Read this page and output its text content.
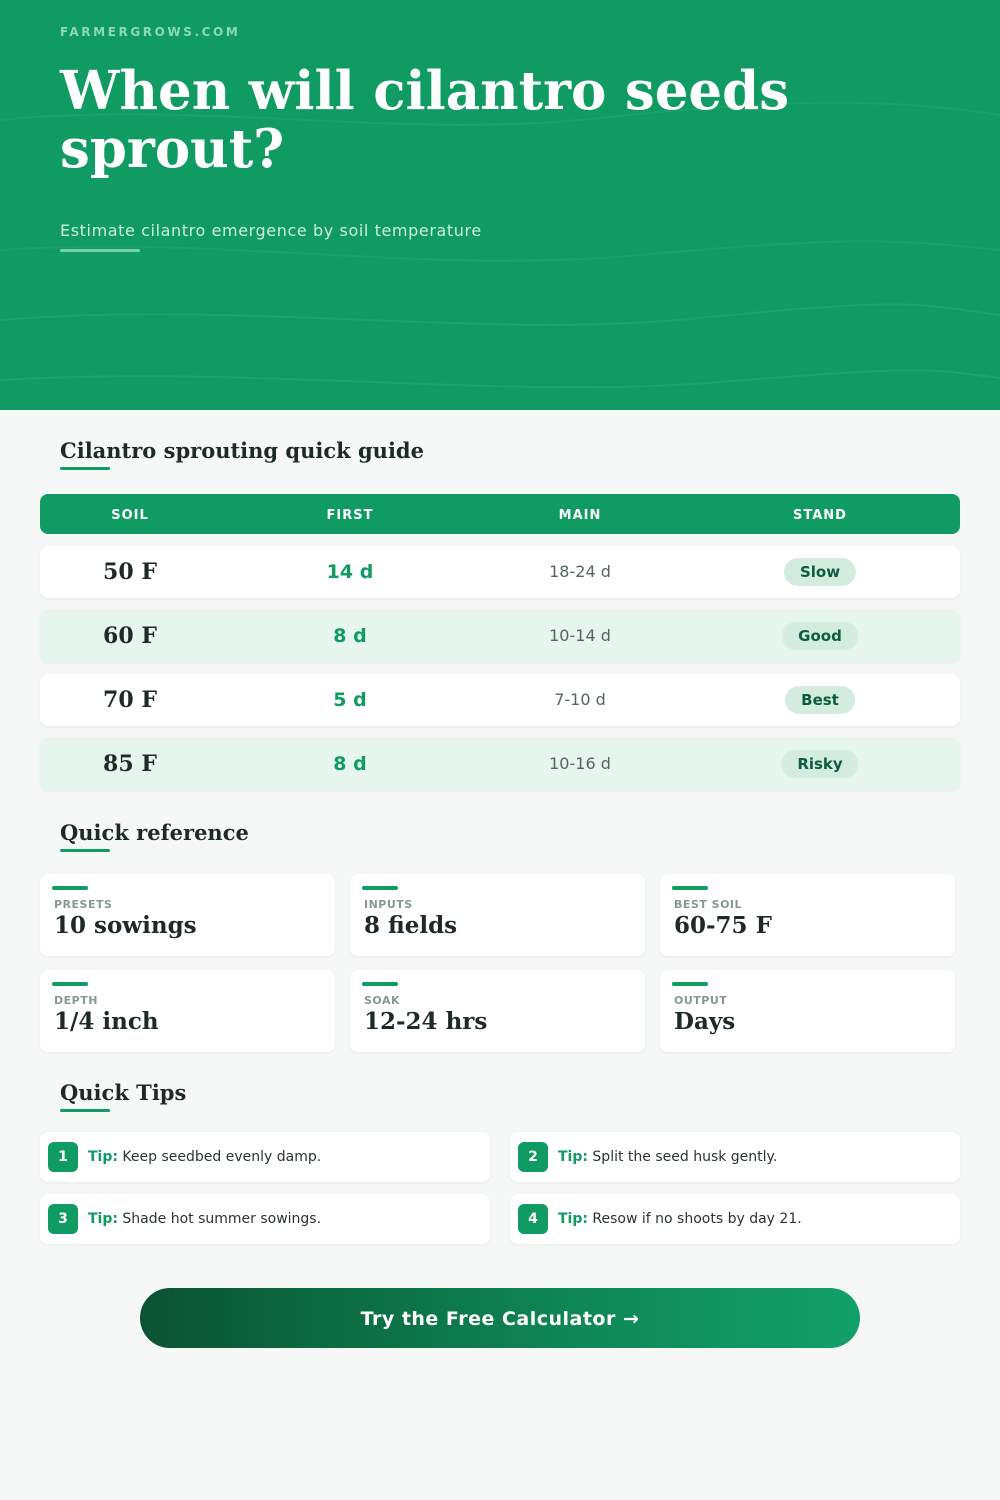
FARMERGROWS.COM
When will cilantro seeds sprout?
Estimate cilantro emergence by soil temperature
Cilantro sprouting quick guide
SOIL	FIRST	MAIN	STAND
50 F	14 d	18-24 d	Slow
60 F	8 d	10-14 d	Good
70 F	5 d	7-10 d	Best
85 F	8 d	10-16 d	Risky
Quick reference
PRESETS
10 sowings
INPUTS
8 fields
BEST SOIL
60-75 F
DEPTH
1/4 inch
SOAK
12-24 hrs
OUTPUT
Days
Quick Tips
1	Tip: Keep seedbed evenly damp.	2	Tip: Split the seed husk gently.
3	Tip: Shade hot summer sowings.	4	Tip: Resow if no shoots by day 21.
Try the Free Calculator →
